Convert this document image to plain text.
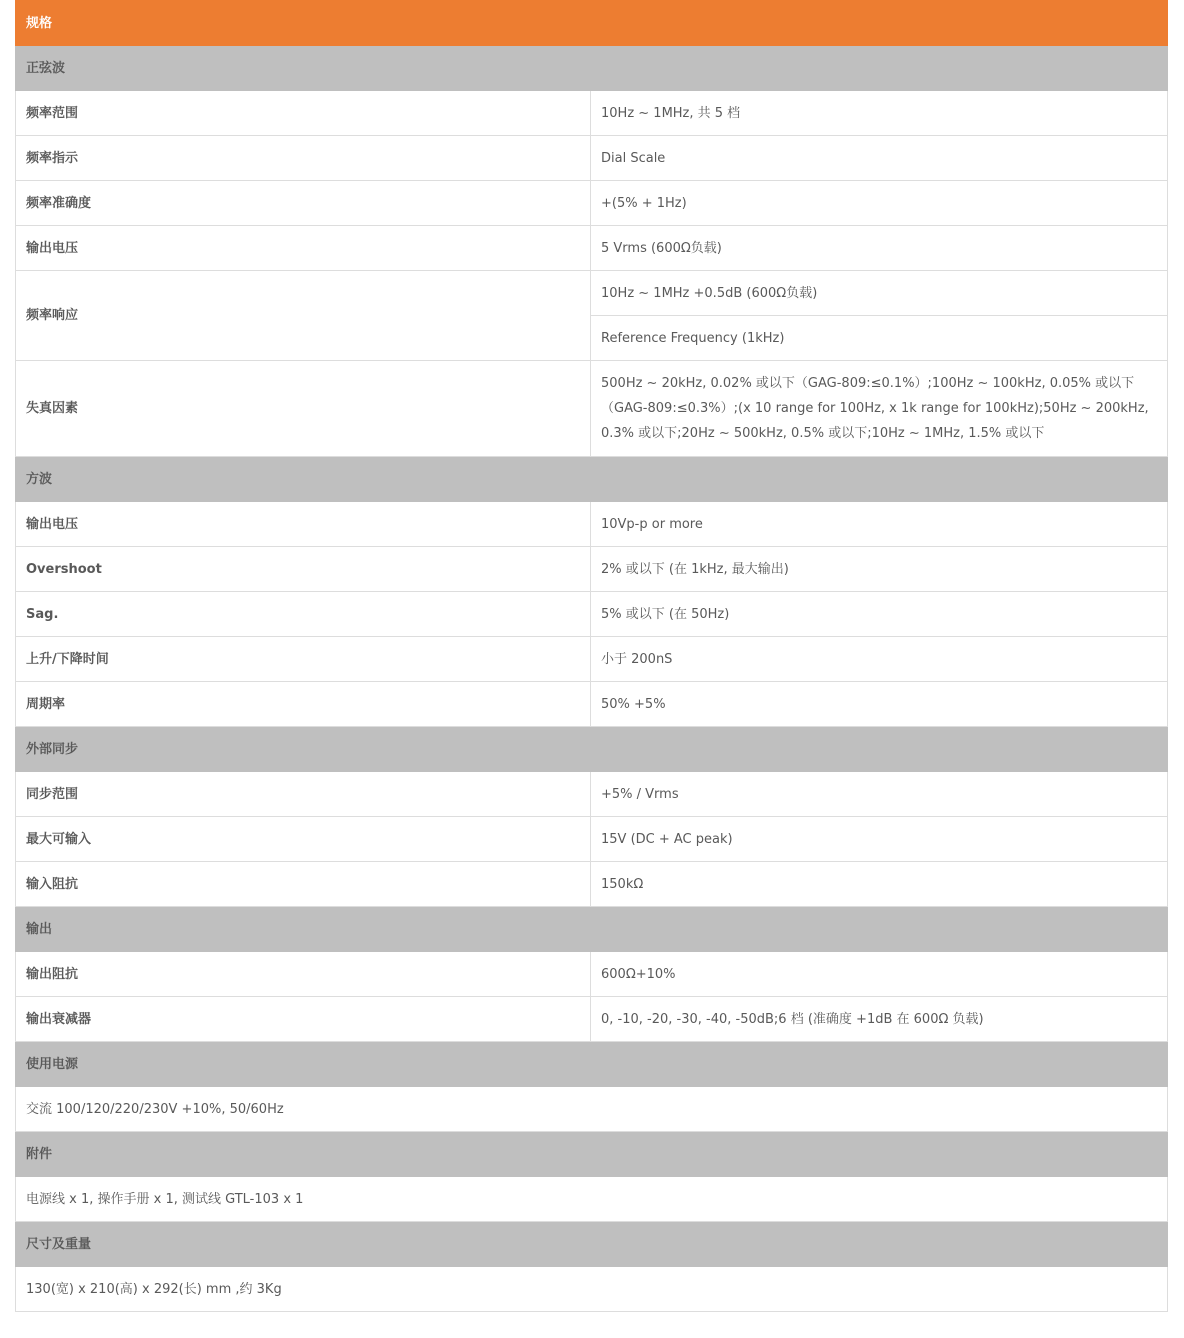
规格	
正弦波	
频率范围	10Hz ~ 1MHz, 共 5 档
频率指示	Dial Scale
频率准确度	+(5% + 1Hz)
输出电压	5 Vrms (600Ω负载)
频率响应	10Hz ~ 1MHz +0.5dB (600Ω负载)
	Reference Frequency (1kHz)
失真因素	500Hz ~ 20kHz, 0.02% 或以下（GAG-809:≤0.1%）;100Hz ~ 100kHz, 0.05% 或以下（GAG-809:≤0.3%）;(x 10 range for 100Hz, x 1k range for 100kHz);50Hz ~ 200kHz, 0.3% 或以下;20Hz ~ 500kHz, 0.5% 或以下;10Hz ~ 1MHz, 1.5% 或以下
方波	
输出电压	10Vp-p or more
Overshoot	2% 或以下 (在 1kHz, 最大输出)
Sag.	5% 或以下 (在 50Hz)
上升/下降时间	小于 200nS
周期率	50% +5%
外部同步	
同步范围	+5% / Vrms
最大可输入	15V (DC + AC peak)
输入阻抗	150kΩ
输出	
输出阻抗	600Ω+10%
输出衰减器	0, -10, -20, -30, -40, -50dB;6 档 (准确度 +1dB 在 600Ω 负载)
使用电源	
交流 100/120/220/230V +10%, 50/60Hz	
附件	
电源线 x 1, 操作手册 x 1, 测试线 GTL-103 x 1	
尺寸及重量	
130(宽) x 210(高) x 292(长) mm ,约 3Kg	
